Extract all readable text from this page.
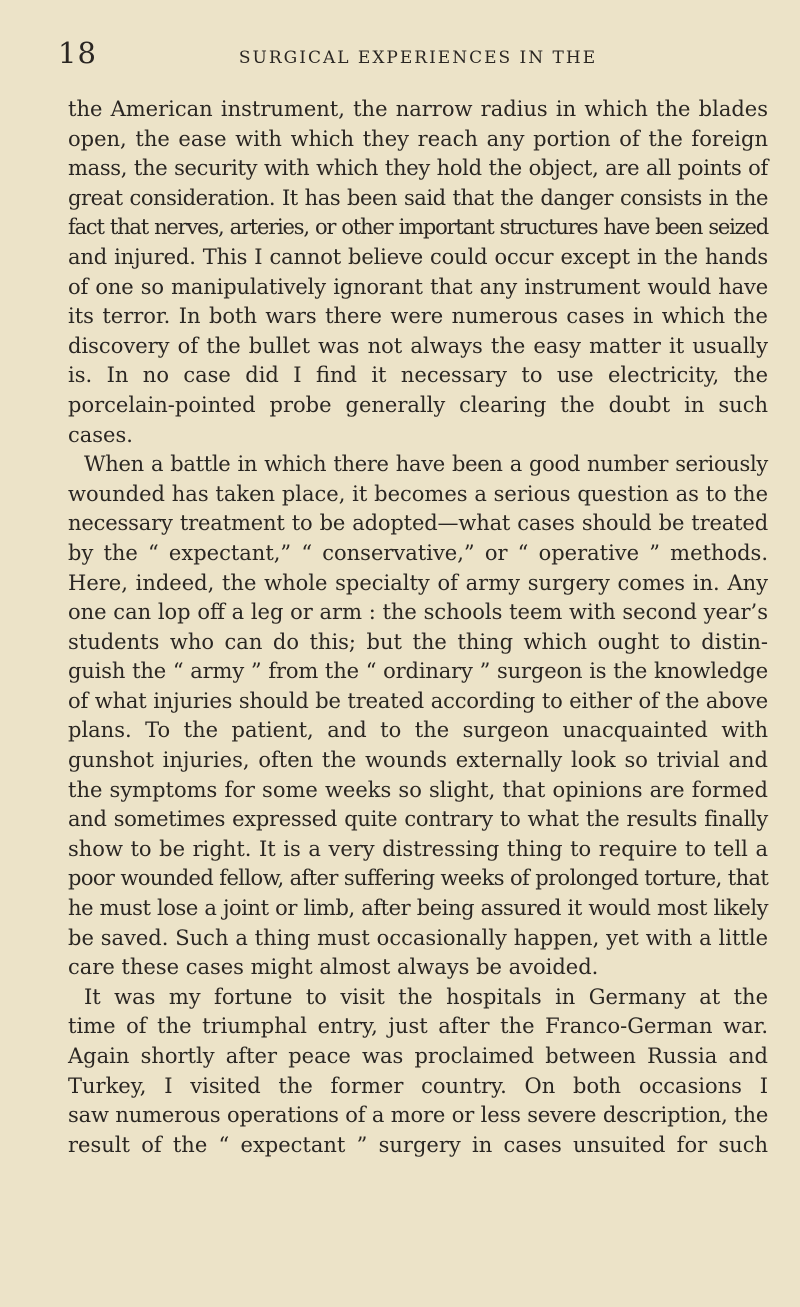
18	SURGICAL EXPERIENCES IN THE
the American instrument, the narrow radius in which the blades
open, the ease with which they reach any portion of the foreign
mass, the security with which they hold the object, are all points of
great consideration. It has been said that the danger consists in the
fact that nerves, arteries, or other important structures have been seized
and injured. This I cannot believe could occur except in the hands
of one so manipulatively ignorant that any instrument would have
its terror. In both wars there were numerous cases in which the
discovery of the bullet was not always the easy matter it usually
is. In no case did I find it necessary to use electricity, the
porcelain-pointed probe generally clearing the doubt in such
cases.
When a battle in which there have been a good number seriously
wounded has taken place, it becomes a serious question as to the
necessary treatment to be adopted—what cases should be treated
by the “ expectant,” “ conservative,” or “ operative ” methods.
Here, indeed, the whole specialty of army surgery comes in. Any
one can lop off a leg or arm : the schools teem with second year’s
students who can do this; but the thing which ought to distin-
guish the “ army ” from the “ ordinary ” surgeon is the knowledge
of what injuries should be treated according to either of the above
plans. To the patient, and to the surgeon unacquainted with
gunshot injuries, often the wounds externally look so trivial and
the symptoms for some weeks so slight, that opinions are formed
and sometimes expressed quite contrary to what the results finally
show to be right. It is a very distressing thing to require to tell a
poor wounded fellow, after suffering weeks of prolonged torture, that
he must lose a joint or limb, after being assured it would most likely
be saved. Such a thing must occasionally happen, yet with a little
care these cases might almost always be avoided.
It was my fortune to visit the hospitals in Germany at the
time of the triumphal entry, just after the Franco-German war.
Again shortly after peace was proclaimed between Russia and
Turkey, I visited the former country. On both occasions I
saw numerous operations of a more or less severe description, the
result of the “ expectant ” surgery in cases unsuited for such
